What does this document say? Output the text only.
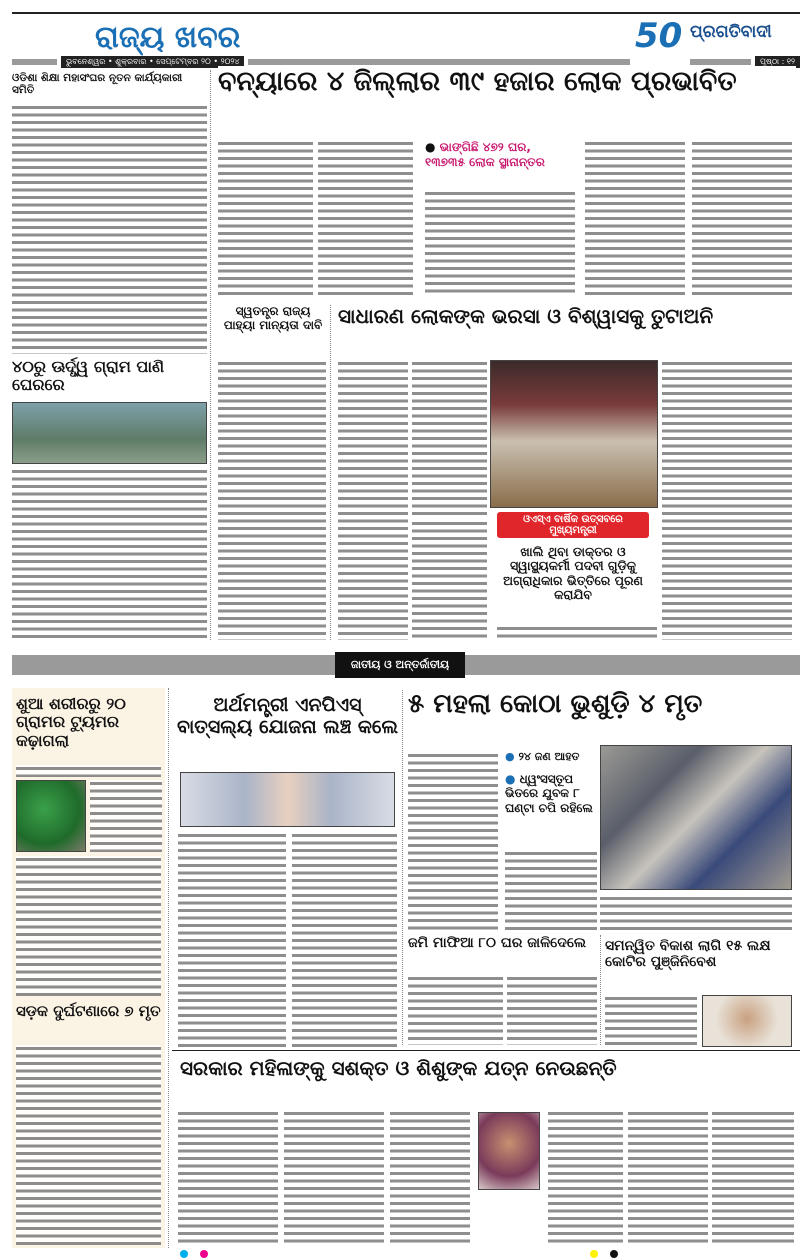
ରାଜ୍ୟ ଖବର
ଭୁବନେଶ୍ୱର • ଶୁକ୍ରବାର • ସେପ୍ଟେମ୍ବର ୨୦ • ୨୦୨୪
50 ପ୍ରଗତିବାଦୀ
ପୃଷ୍ଠା : ୧୨
ଓଡିଶା ଶିକ୍ଷା ମହାସଂଘର ନୂତନ କାର୍ଯ୍ୟକାରୀ ସମିତି
୪୦ରୁ ଊର୍ଦ୍ଧ୍ୱ ଗ୍ରାମ ପାଣି ଘେରରେ
ବନ୍ୟାରେ ୪ ଜିଲ୍ଲାର ୩୯ ହଜାର ଲୋକ ପ୍ରଭାବିତ
● ଭାଙ୍ଗିଛି ୪୭୨ ଘର, ୧୩୭୩୫ ଲୋକ ସ୍ଥାନାନ୍ତର
ସ୍ୱତନ୍ତ୍ର ରାଜ୍ୟ ପାହ୍ୟା ମାନ୍ୟତା ଦାବି ସାଧାରଣ ଲୋକଙ୍କ ଭରସା ଓ ବିଶ୍ୱାସକୁ ତୁଟାଅନି
ଓଏସ୍‌ଏ ବାର୍ଷିକ ଉତ୍ସବରେ ମୁଖ୍ୟମନ୍ତ୍ରୀ
ଖାଲି ଥିବା ଡାକ୍ତର ଓ ସ୍ୱାସ୍ଥ୍ୟକର୍ମୀ ପଦବୀ ଗୁଡ଼ିକୁ ଅଗ୍ରାଧିକାର ଭିତ୍ତିରେ ପୂରଣ କରାଯିବ
ଜାତୀୟ ଓ ଅନ୍ତର୍ଜାତୀୟ
ଶୁଆ ଶରୀରରୁ ୨୦ ଗ୍ରାମର ଟ୍ୟୁମର କଢ଼ାଗଲା
ସଡ଼କ ଦୁର୍ଘଟଣାରେ ୭ ମୃତ
ଅର୍ଥମନ୍ତ୍ରୀ ଏନପିଏସ୍ ବାତ୍ସଲ୍ୟ ଯୋଜନା ଲଞ୍ଚ କଲେ
୫ ମହଲା କୋଠା ଭୁଶୁଡ଼ି ୪ ମୃତ
● ୨୪ ଜଣ ଆହତ
● ଧ୍ୱଂସସ୍ତୂପ ଭିତରେ ଯୁବକ ୮ ଘଣ୍ଟା ଚପି ରହିଲେ
ଜମି ମାଫିଆ ୮୦ ଘର ଜାଳିଦେଲେ	ସମନ୍ୱିତ ବିକାଶ ଲାଗି ୧୫ ଲକ୍ଷ କୋଟିର ପୁଞ୍ଜିନିବେଶ
ସରକାର ମହିଳାଙ୍କୁ ସଶକ୍ତ ଓ ଶିଶୁଙ୍କ ଯତ୍ନ ନେଉଛନ୍ତି
